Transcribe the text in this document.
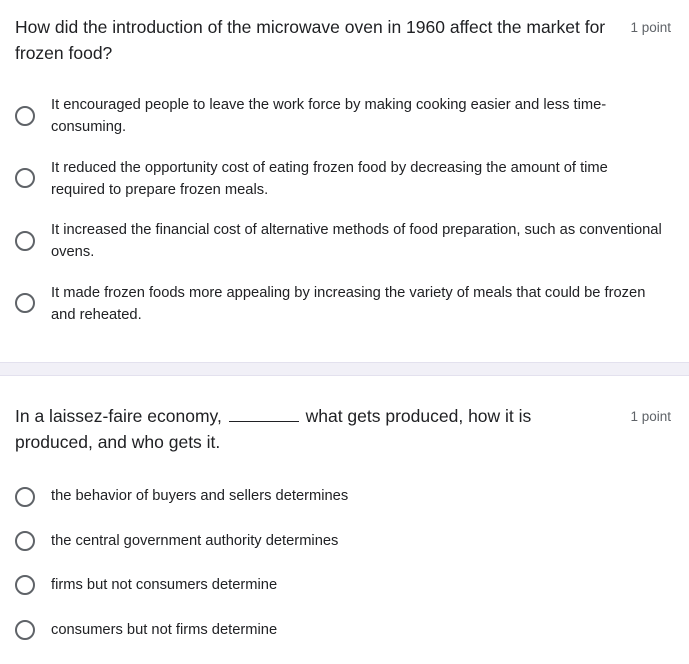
How did the introduction of the microwave oven in 1960 affect the market for frozen food?
1 point
It encouraged people to leave the work force by making cooking easier and less time-consuming.
It reduced the opportunity cost of eating frozen food by decreasing the amount of time required to prepare frozen meals.
It increased the financial cost of alternative methods of food preparation, such as conventional ovens.
It made frozen foods more appealing by increasing the variety of meals that could be frozen and reheated.
In a laissez-faire economy,	what gets produced, how it is produced, and who gets it.
1 point
the behavior of buyers and sellers determines
the central government authority determines
firms but not consumers determine
consumers but not firms determine
